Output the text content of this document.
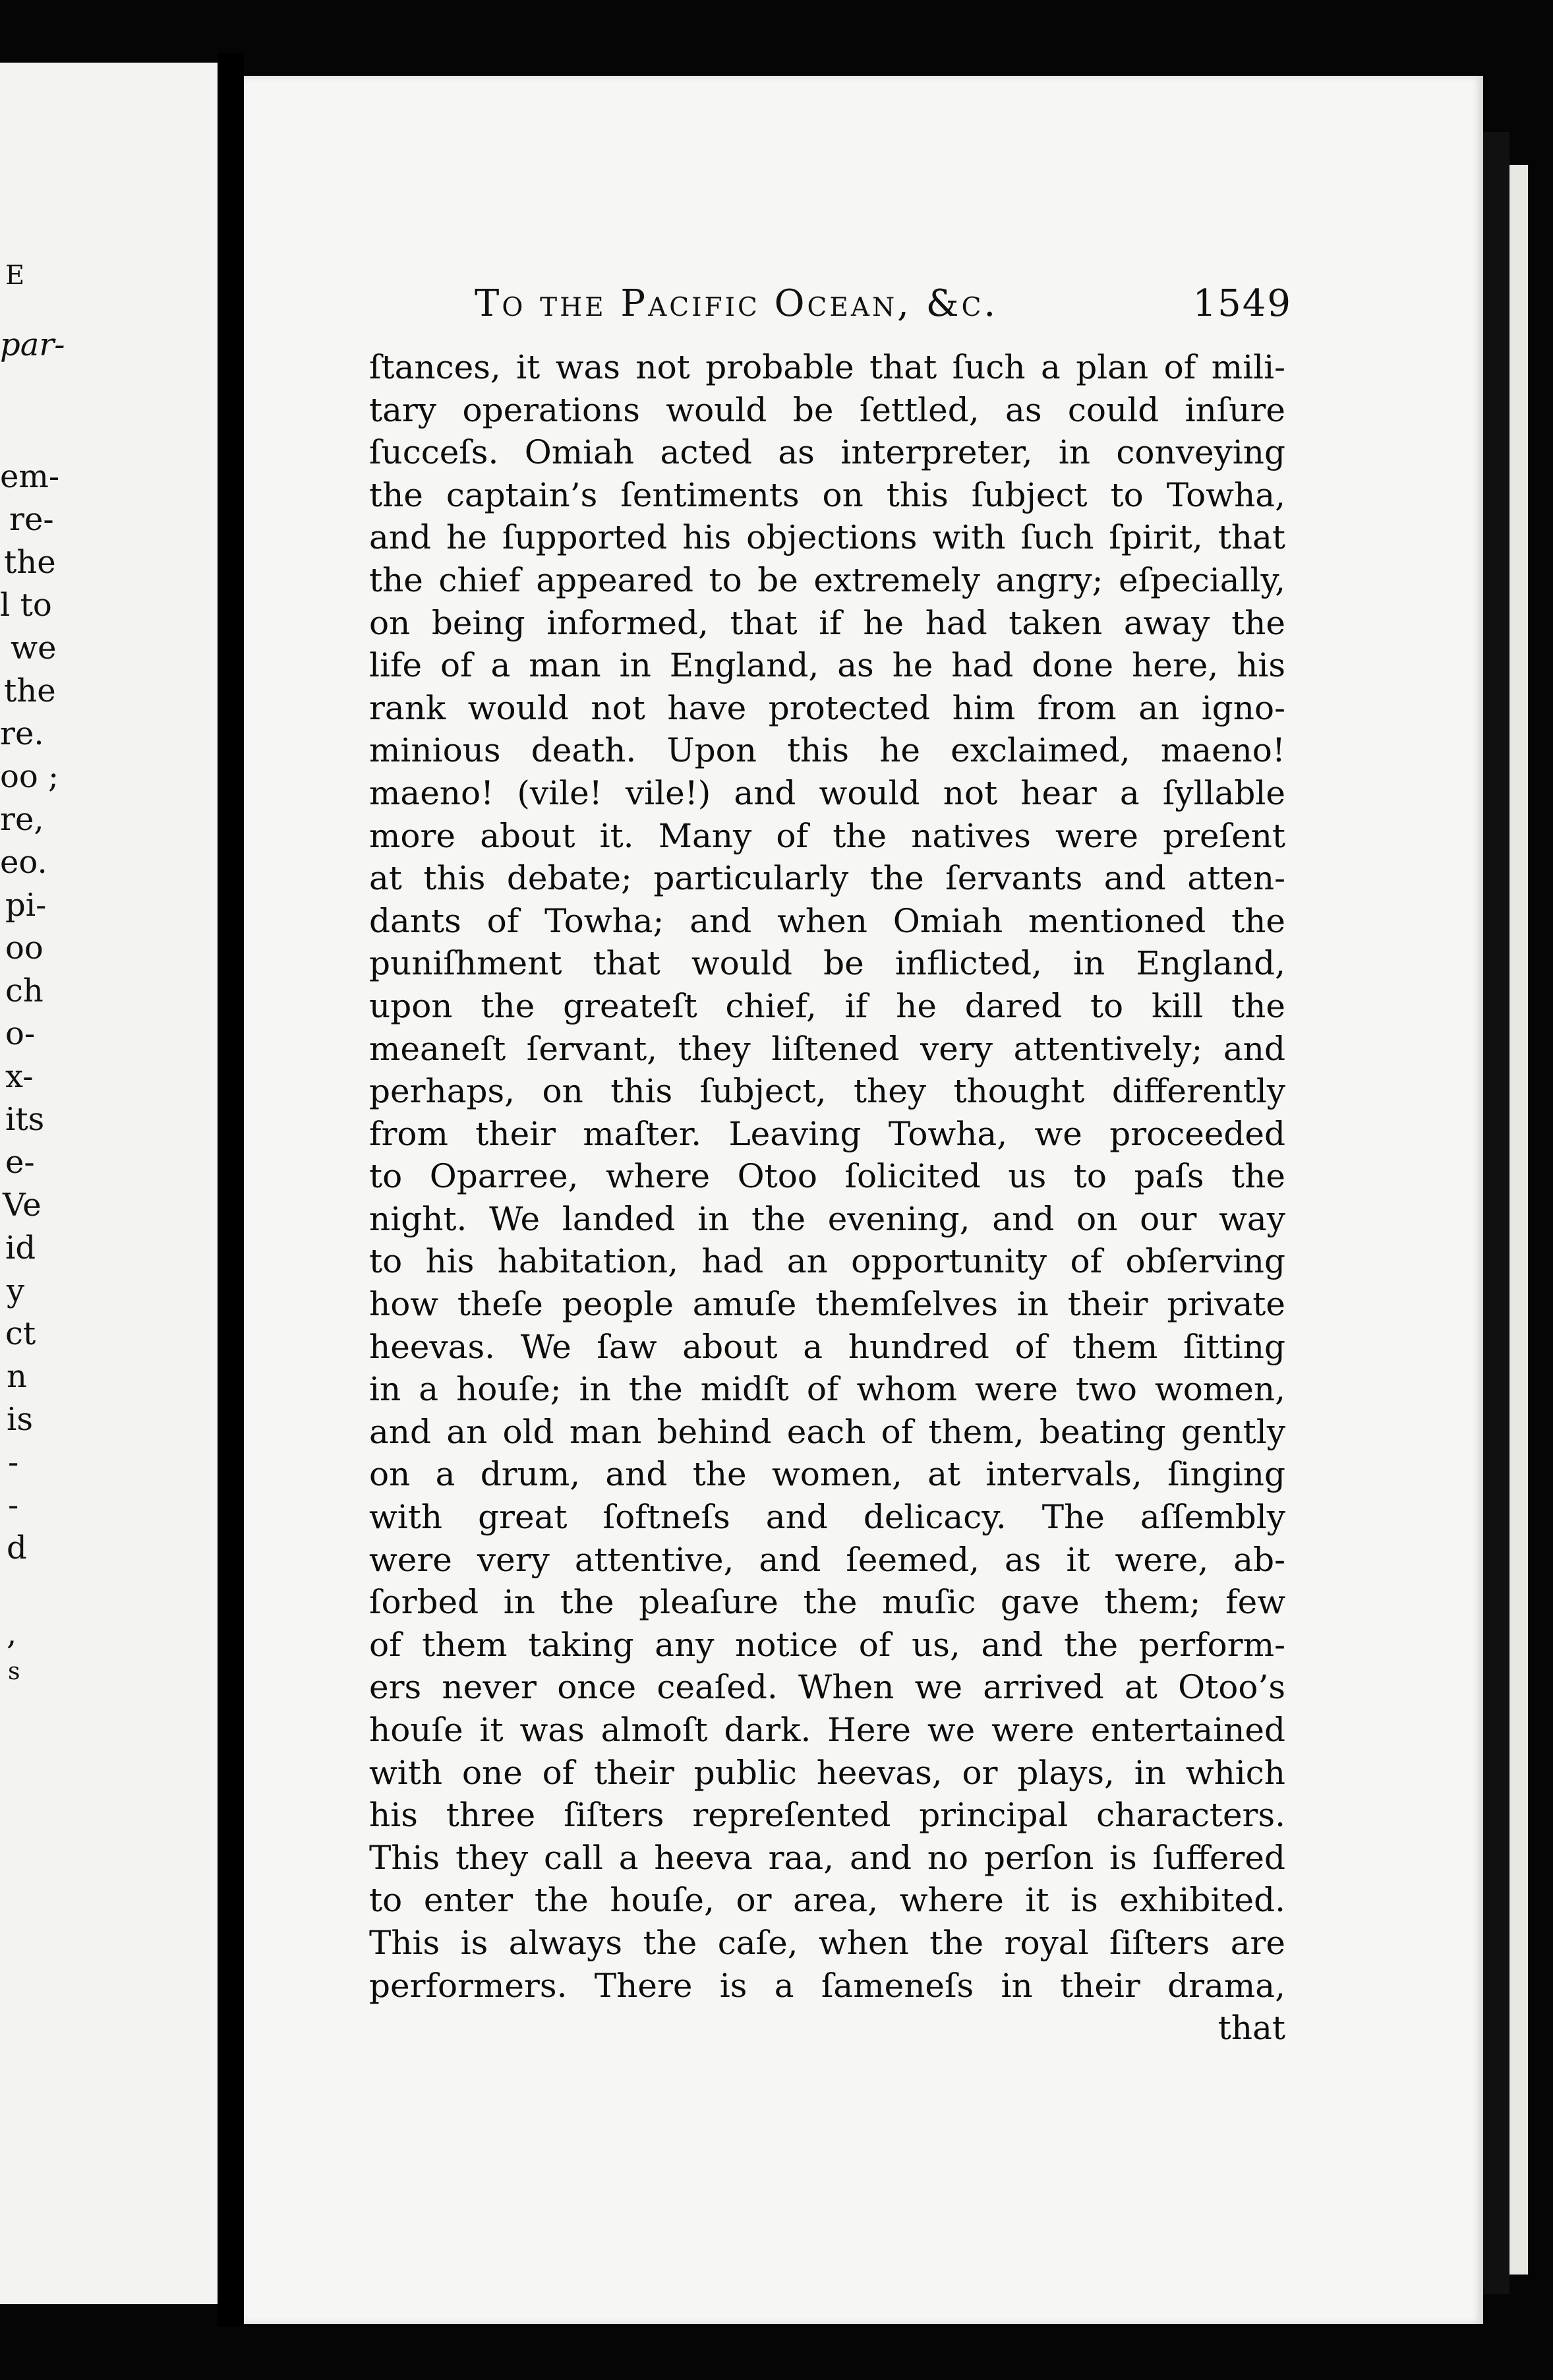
E
par-
em-
re-
the
l to
we
the
re.
oo ;
re,
eo.
pi-
oo
ch
o-
x-
its
e-
Ve
id
y
ct
n
is
-
-
d
,
s
To the Pacific Ocean, &c.	1549
ſtances, it was not probable that ſuch a plan of mili-
tary operations would be ſettled, as could inſure
ſucceſs. Omiah acted as interpreter, in conveying
the captain’s ſentiments on this ſubject to Towha,
and he ſupported his objections with ſuch ſpirit, that
the chief appeared to be extremely angry; eſpecially,
on being informed, that if he had taken away the
life of a man in England, as he had done here, his
rank would not have protected him from an igno-
minious death. Upon this he exclaimed, maeno!
maeno! (vile! vile!) and would not hear a ſyllable
more about it. Many of the natives were preſent
at this debate; particularly the ſervants and atten-
dants of Towha; and when Omiah mentioned the
puniſhment that would be inflicted, in England,
upon the greateſt chief, if he dared to kill the
meaneſt ſervant, they liſtened very attentively; and
perhaps, on this ſubject, they thought differently
from their maſter. Leaving Towha, we proceeded
to Oparree, where Otoo ſolicited us to paſs the
night. We landed in the evening, and on our way
to his habitation, had an opportunity of obſerving
how theſe people amuſe themſelves in their private
heevas. We ſaw about a hundred of them ſitting
in a houſe; in the midſt of whom were two women,
and an old man behind each of them, beating gently
on a drum, and the women, at intervals, ſinging
with great ſoftneſs and delicacy. The aſſembly
were very attentive, and ſeemed, as it were, ab-
ſorbed in the pleaſure the muſic gave them; few
of them taking any notice of us, and the perform-
ers never once ceaſed. When we arrived at Otoo’s
houſe it was almoſt dark. Here we were entertained
with one of their public heevas, or plays, in which
his three ſiſters repreſented principal characters.
This they call a heeva raa, and no perſon is ſuffered
to enter the houſe, or area, where it is exhibited.
This is always the caſe, when the royal ſiſters are
performers. There is a ſameneſs in their drama,
that
